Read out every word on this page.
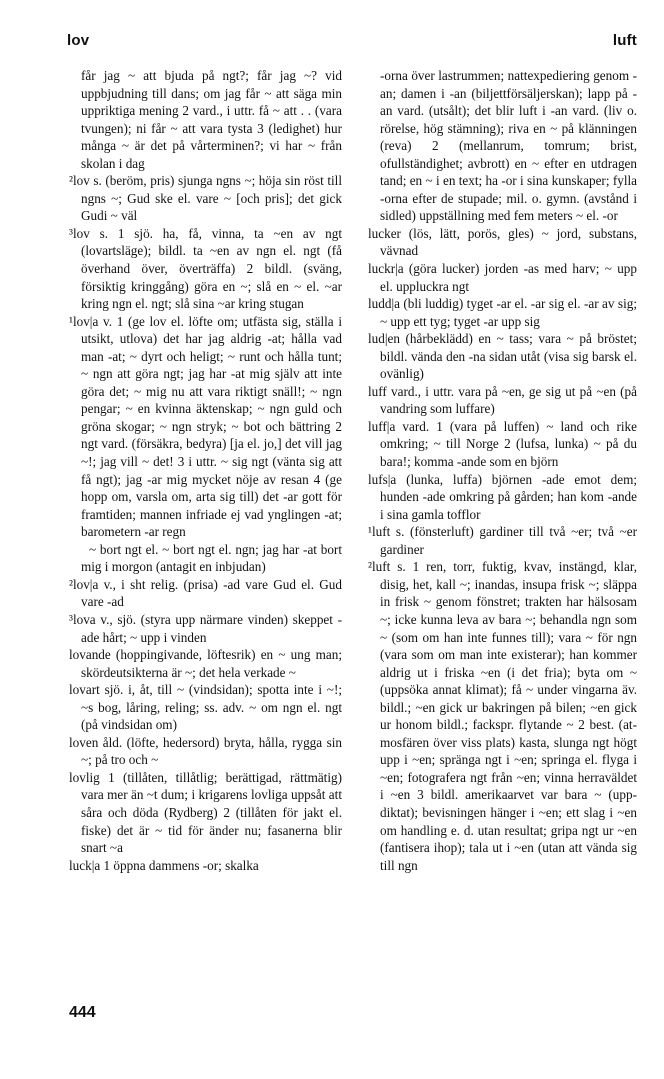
lov	luft

får jag ~ att bjuda på ngt?; får jag ~? vid uppbjudning till dans; om jag får ~ att säga min uppriktiga mening 2 vard., i uttr. få ~ att . . (vara tvungen); ni får ~ att vara tysta 3 (ledighet) hur många ~ är det på vårterminen?; vi har ~ från skolan i dag

²lov s. (beröm, pris) sjunga ngns ~; höja sin röst till ngns ~; Gud ske el. vare ~ [och pris]; det gick Gudi ~ väl

³lov s. 1 sjö. ha, få, vinna, ta ~en av ngt (lovartsläge); bildl. ta ~en av ngn el. ngt (få överhand över, överträffa) 2 bildl. (sväng, försiktig kringgång) göra en ~; slå en ~ el. ~ar kring ngn el. ngt; slå sina ~ar kring stugan

¹lov|a v. 1 (ge lov el. löfte om; utfästa sig, ställa i utsikt, utlova) det har jag aldrig -at; hålla vad man -at; ~ dyrt och heligt; ~ runt och hålla tunt; ~ ngn att göra ngt; jag har -at mig själv att inte göra det; ~ mig nu att vara riktigt snäll!; ~ ngn pengar; ~ en kvinna äktenskap; ~ ngn guld och gröna skogar; ~ ngn stryk; ~ bot och bättring 2 ngt vard. (försäkra, bedyra) [ja el. jo,] det vill jag ~!; jag vill ~ det! 3 i uttr. ~ sig ngt (vänta sig att få ngt); jag -ar mig mycket nöje av resan 4 (ge hopp om, varsla om, arta sig till) det -ar gott för framtiden; mannen infriade ej vad ynglingen -at; barometern -ar regn

~ bort ngt el. ~ bort ngt el. ngn; jag har -at bort mig i morgon (antagit en inbjudan)

²lov|a v., i sht relig. (prisa) -ad vare Gud el. Gud vare -ad

³lova v., sjö. (styra upp närmare vinden) skeppet -ade hårt; ~ upp i vinden

lovande (hoppingivande, löftesrik) en ~ ung man; skördeutsikterna är ~; det hela verkade ~

lovart sjö. i, åt, till ~ (vindsidan); spotta inte i ~!; ~s bog, låring, reling; ss. adv. ~ om ngn el. ngt (på vindsidan om)

loven åld. (löfte, hedersord) bryta, hålla, rygga sin ~; på tro och ~

lovlig 1 (tillåten, tillåtlig; berättigad, rättmätig) vara mer än ~t dum; i krigarens lovliga uppsåt att såra och döda (Rydberg) 2 (tillåten för jakt el. fiske) det är ~ tid för änder nu; fasanerna blir snart ~a

luck|a 1 öppna dammens -or; skalka

-orna över lastrummen; nattexpediering genom -an; damen i -an (biljettförsäljerskan); lapp på -an vard. (utsålt); det blir luft i -an vard. (liv o. rörelse, hög stämning); riva en ~ på klänningen (reva) 2 (mellanrum, tomrum; brist, ofullständighet; avbrott) en ~ efter en utdragen tand; en ~ i en text; ha -or i sina kunskaper; fylla -orna efter de stupade; mil. o. gymn. (avstånd i sidled) uppställning med fem meters ~ el. -or

lucker (lös, lätt, porös, gles) ~ jord, substans, vävnad

luckr|a (göra lucker) jorden -as med harv; ~ upp el. uppluckra ngt

ludd|a (bli luddig) tyget -ar el. -ar sig el. -ar av sig; ~ upp ett tyg; tyget -ar upp sig

lud|en (hårbeklädd) en ~ tass; vara ~ på bröstet; bildl. vända den -na sidan utåt (visa sig barsk el. ovänlig)

luff vard., i uttr. vara på ~en, ge sig ut på ~en (på vandring som luffare)

luff|a vard. 1 (vara på luffen) ~ land och rike omkring; ~ till Norge 2 (lufsa, lunka) ~ på du bara!; komma -ande som en björn

lufs|a (lunka, luffa) björnen -ade emot dem; hunden -ade omkring på gården; han kom -ande i sina gamla tofflor

¹luft s. (fönsterluft) gardiner till två ~er; två ~er gardiner

²luft s. 1 ren, torr, fuktig, kvav, instängd, klar, disig, het, kall ~; inandas, insupa frisk ~; släppa in frisk ~ genom fönstret; trakten har hälsosam ~; icke kunna leva av bara ~; behandla ngn som ~ (som om han inte funnes till); vara ~ för ngn (vara som om man inte existerar); han kommer aldrig ut i friska ~en (i det fria); byta om ~ (uppsöka annat klimat); få ~ under vingarna äv. bildl.; ~en gick ur bakringen på bilen; ~en gick ur honom bildl.; fackspr. flytande ~ 2 best. (atmosfären över viss plats) kasta, slunga ngt högt upp i ~en; spränga ngt i ~en; springa el. flyga i ~en; fotografera ngt från ~en; vinna herraväldet i ~en 3 bildl. amerikaarvet var bara ~ (uppdiktat); bevisningen hänger i ~en; ett slag i ~en om handling e. d. utan resultat; gripa ngt ur ~en (fantisera ihop); tala ut i ~en (utan att vända sig till ngn

444
